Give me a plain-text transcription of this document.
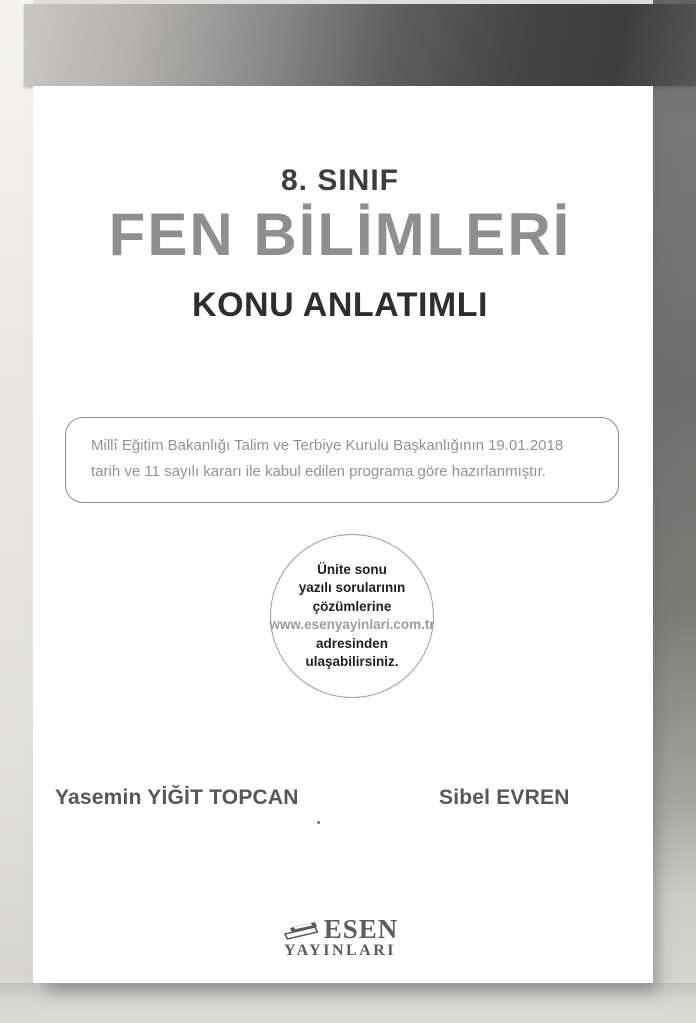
8. SINIF
FEN BİLİMLERİ
KONU ANLATIMLI

Millî Eğitim Bakanlığı Talim ve Terbiye Kurulu Başkanlığının 19.01.2018 tarih ve 11 sayılı kararı ile kabul edilen programa göre hazırlanmıştır.

Ünite sonu
yazılı sorularının
çözümlerine
www.esenyayinlari.com.tr
adresinden
ulaşabilirsiniz.
Yasemin YİĞİT TOPCAN	Sibel EVREN
ESEN
YAYINLARI
